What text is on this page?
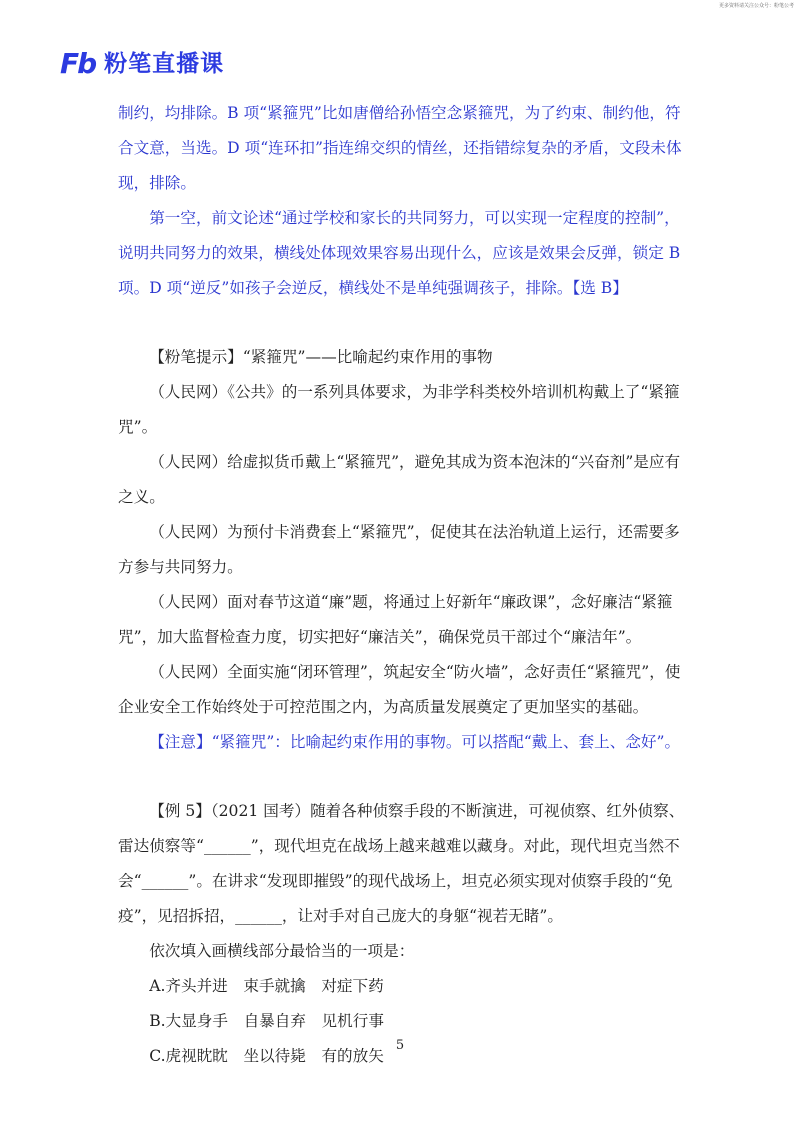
更多资料请关注公众号：粉笔公考
Fb 粉笔直播课

制约，均排除。B 项“紧箍咒”比如唐僧给孙悟空念紧箍咒，为了约束、制约他，符合文意，当选。D 项“连环扣”指连绵交织的情丝，还指错综复杂的矛盾，文段未体现，排除。

第一空，前文论述“通过学校和家长的共同努力，可以实现一定程度的控制”，说明共同努力的效果，横线处体现效果容易出现什么，应该是效果会反弹，锁定 B 项。D 项“逆反”如孩子会逆反，横线处不是单纯强调孩子，排除。【选 B】

【粉笔提示】“紧箍咒”——比喻起约束作用的事物

（人民网）《公共》的一系列具体要求，为非学科类校外培训机构戴上了“紧箍咒”。

（人民网）给虚拟货币戴上“紧箍咒”，避免其成为资本泡沫的“兴奋剂”是应有之义。

（人民网）为预付卡消费套上“紧箍咒”，促使其在法治轨道上运行，还需要多方参与共同努力。

（人民网）面对春节这道“廉”题，将通过上好新年“廉政课”，念好廉洁“紧箍咒”，加大监督检查力度，切实把好“廉洁关”，确保党员干部过个“廉洁年”。

（人民网）全面实施“闭环管理”，筑起安全“防火墙”，念好责任“紧箍咒”，使企业安全工作始终处于可控范围之内，为高质量发展奠定了更加坚实的基础。

【注意】“紧箍咒”：比喻起约束作用的事物。可以搭配“戴上、套上、念好”。

【例 5】（2021 国考）随着各种侦察手段的不断演进，可视侦察、红外侦察、雷达侦察等“______”，现代坦克在战场上越来越难以藏身。对此，现代坦克当然不会“______”。在讲求“发现即摧毁”的现代战场上，坦克必须实现对侦察手段的“免疫”，见招拆招，______，让对手对自己庞大的身躯“视若无睹”。

依次填入画横线部分最恰当的一项是：

A.齐头并进　束手就擒　对症下药

B.大显身手　自暴自弃　见机行事

C.虎视眈眈　坐以待毙　有的放矢

5
